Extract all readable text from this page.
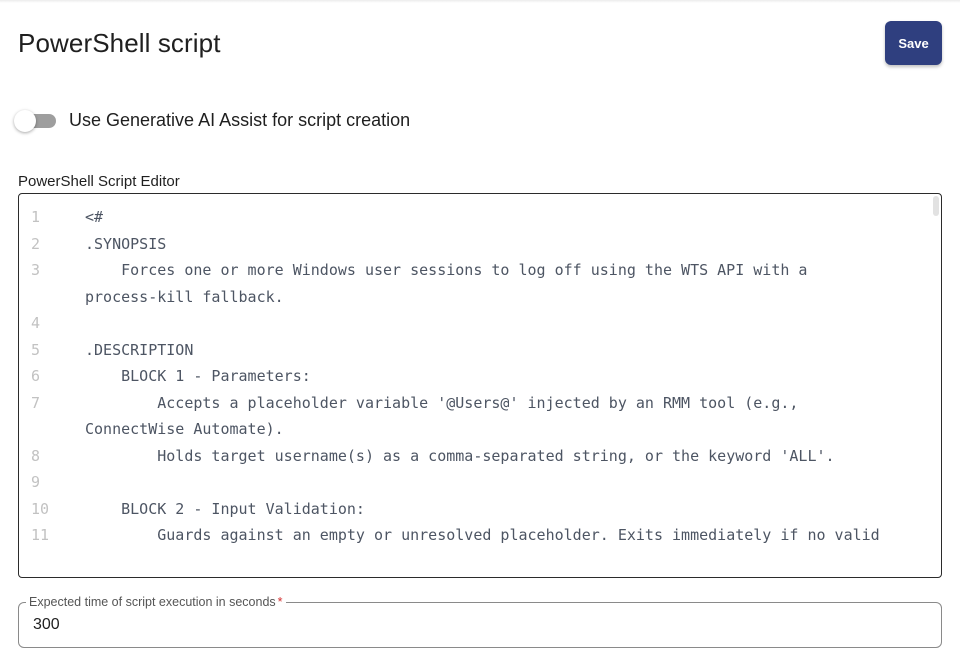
PowerShell script	Save
Use Generative AI Assist for script creation
PowerShell Script Editor
1	<#
2	.SYNOPSIS
3	Forces one or more Windows user sessions to log off using the WTS API with a process-kill fallback.
4

5	.DESCRIPTION
6	BLOCK 1 - Parameters:
7	Accepts a placeholder variable '@Users@' injected by an RMM tool (e.g., ConnectWise Automate).
8	Holds target username(s) as a comma-separated string, or the keyword 'ALL'.
9

10	BLOCK 2 - Input Validation:
11	Guards against an empty or unresolved placeholder. Exits immediately if no valid
Expected time of script execution in seconds *
300
